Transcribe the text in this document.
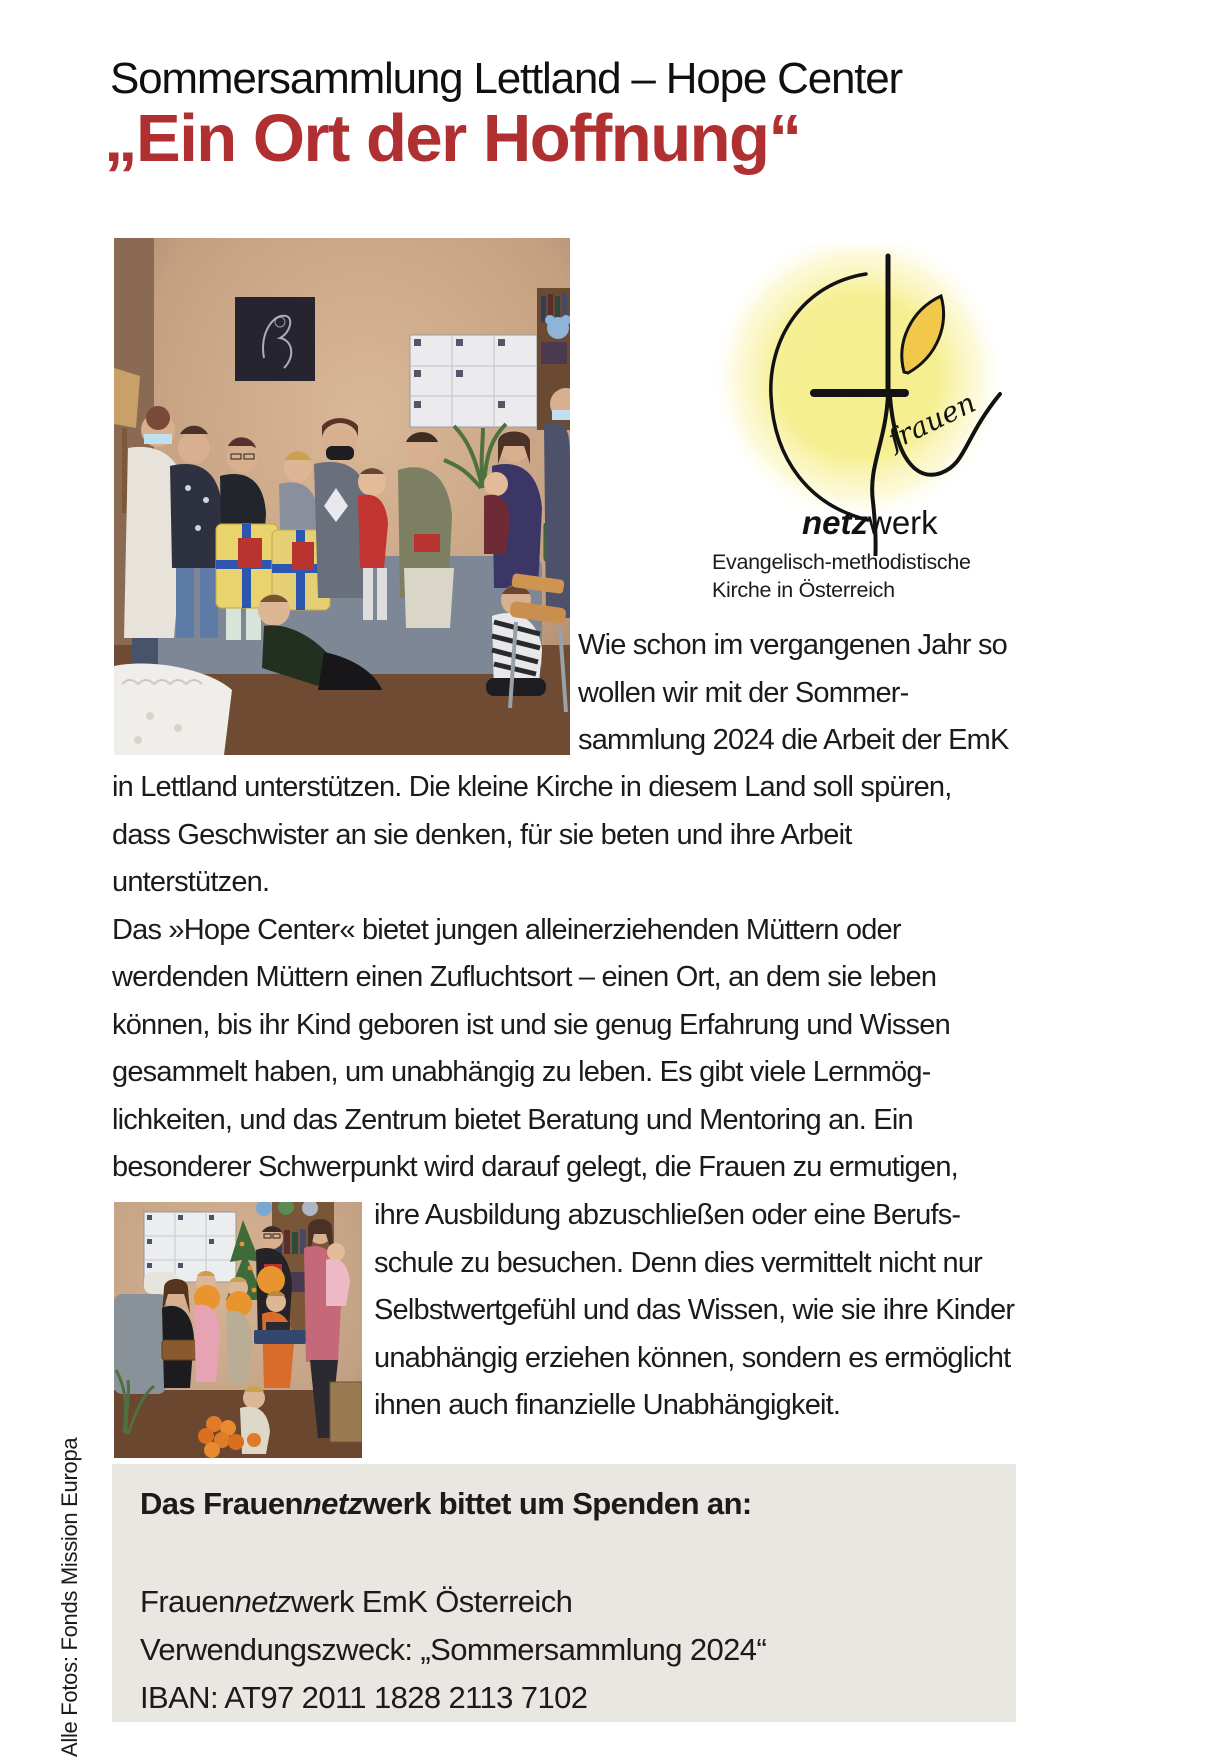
Sommersammlung Lettland – Hope Center
„Ein Ort der Hoffnung“
frauen
netzwerk
Evangelisch-methodistische
Kirche in Österreich
Wie schon im vergangenen Jahr so
wollen wir mit der Sommer-
sammlung 2024 die Arbeit der EmK
in Lettland unterstützen. Die kleine Kirche in diesem Land soll spüren,
dass Geschwister an sie denken, für sie beten und ihre Arbeit
unterstützen.
Das »Hope Center« bietet jungen alleinerziehenden Müttern oder
werdenden Müttern einen Zufluchtsort – einen Ort, an dem sie leben
können, bis ihr Kind geboren ist und sie genug Erfahrung und Wissen
gesammelt haben, um unabhängig zu leben. Es gibt viele Lernmög-
lichkeiten, und das Zentrum bietet Beratung und Mentoring an. Ein
besonderer Schwerpunkt wird darauf gelegt, die Frauen zu ermutigen,
ihre Ausbildung abzuschließen oder eine Berufs-
schule zu besuchen. Denn dies vermittelt nicht nur
Selbstwertgefühl und das Wissen, wie sie ihre Kinder
unabhängig erziehen können, sondern es ermöglicht
ihnen auch finanzielle Unabhängigkeit.
Alle Fotos: Fonds Mission Europa Das Frauennetzwerk bittet um Spenden an:
Frauennetzwerk EmK Österreich
Verwendungszweck: „Sommersammlung 2024“
IBAN: AT97 2011 1828 2113 7102
